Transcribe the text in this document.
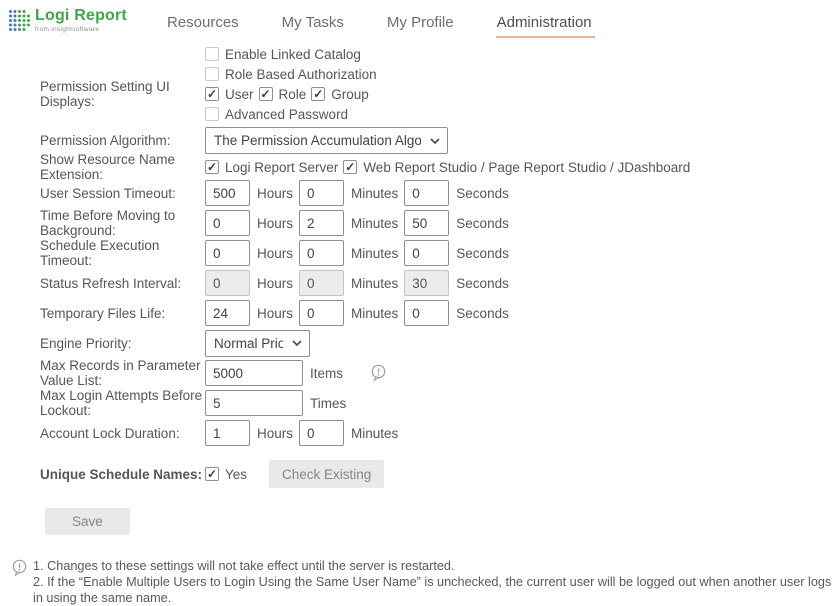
Logi Report
from insightsoftware	Resources	My Tasks	My Profile	Administration
Enable Linked Catalog
Role Based Authorization
Permission Setting UI Displays:	✓ User ✓ Role ✓ Group
Advanced Password
Permission Algorithm:
The Permission Accumulation Algorithm
Show Resource Name Extension:	✓ Logi Report Server ✓ Web Report Studio / Page Report Studio / JDashboard
User Session Timeout:
500	Hours
0	Minutes
0	Seconds
Time Before Moving to Background:
0	Hours
2	Minutes
50	Seconds
Schedule Execution Timeout:
0	Hours
0	Minutes
0	Seconds
Status Refresh Interval:
0	Hours
0	Minutes
30	Seconds
Temporary Files Life:
24	Hours
0	Minutes
0	Seconds
Engine Priority:
Normal Priority
Max Records in Parameter Value List:
5000	Items
Max Login Attempts Before Lockout:
5	Times
Account Lock Duration:
1	Hours
0	Minutes
Unique Schedule Names: ✓ Yes	Check Existing
Save
1. Changes to these settings will not take effect until the server is restarted.
2. If the “Enable Multiple Users to Login Using the Same User Name” is unchecked, the current user will be logged out when another user logs in using the same name.
